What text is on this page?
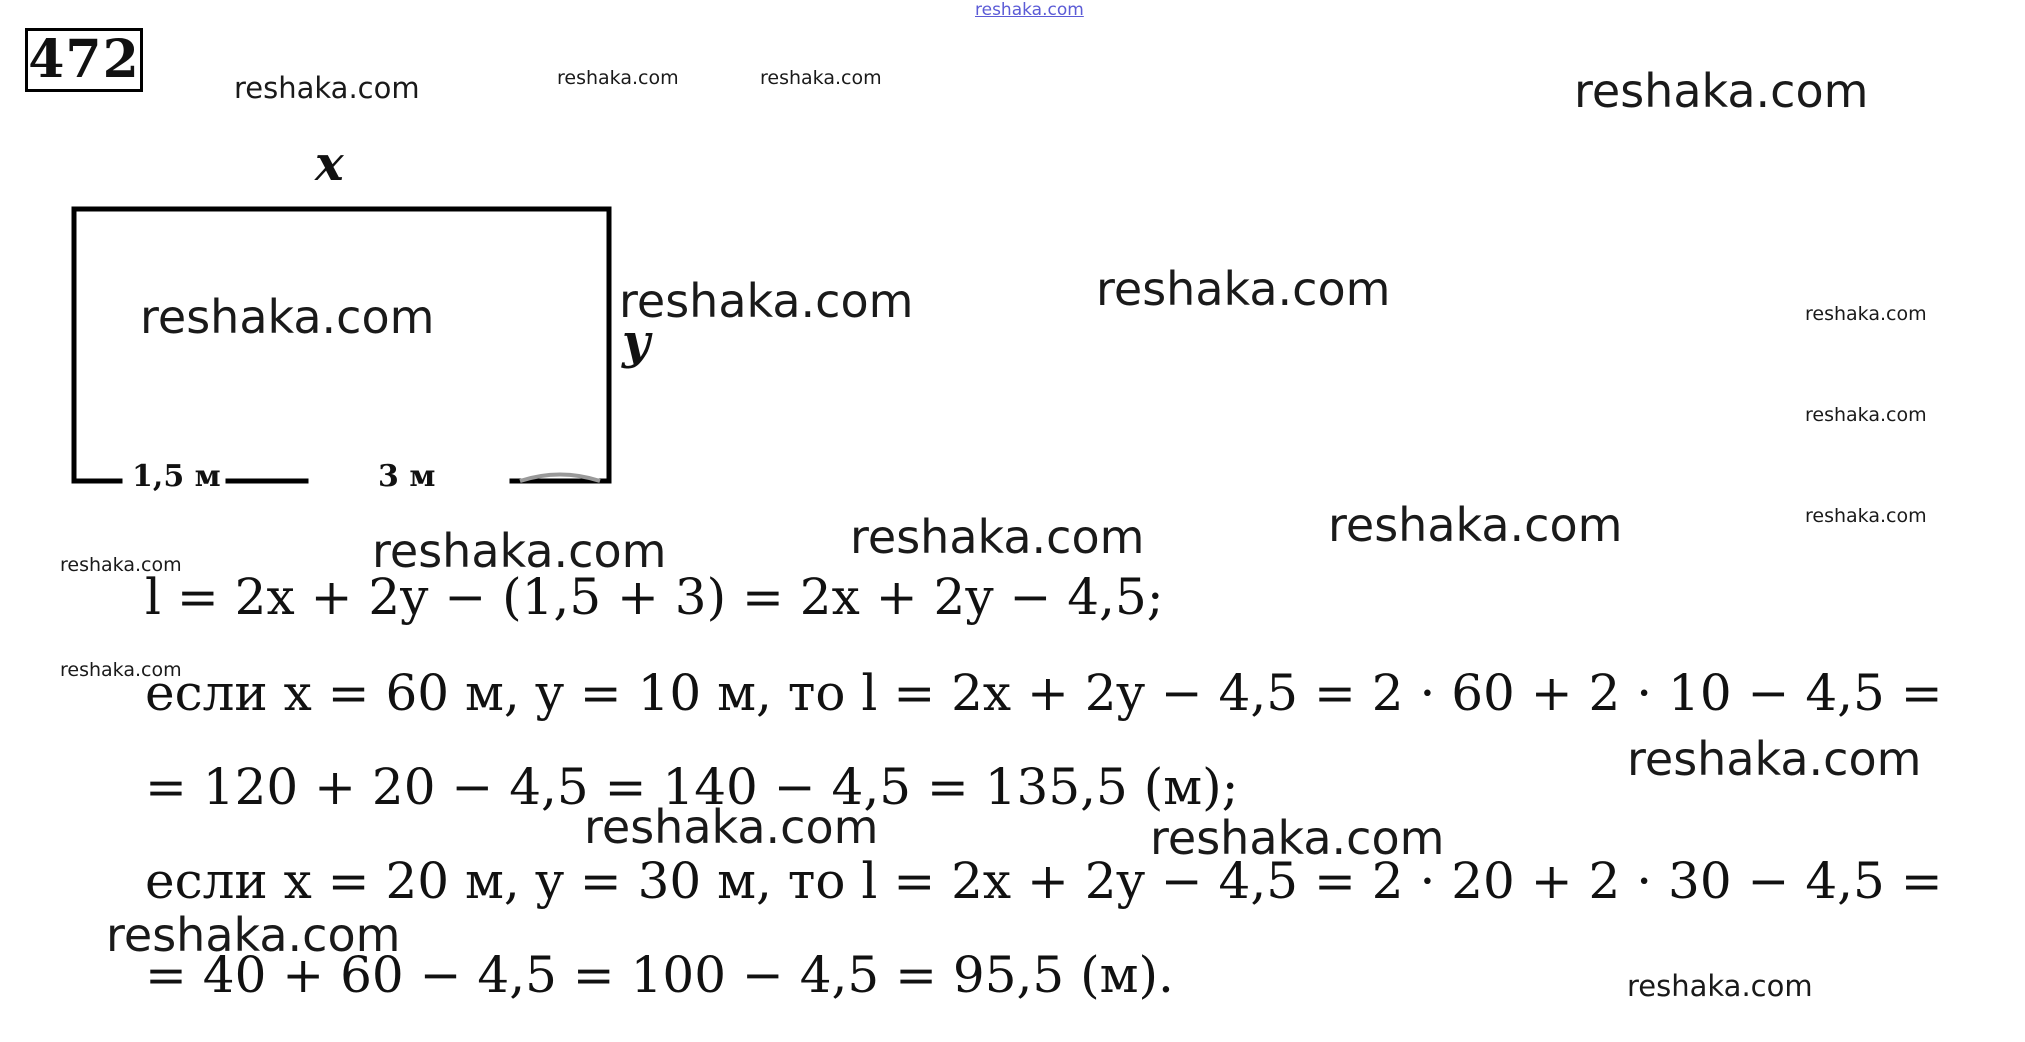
472
x
y
1,5 м	3 м
l = 2x + 2y − (1,5 + 3) = 2x + 2y − 4,5;
если x = 60 м, y = 10 м, то l = 2x + 2y − 4,5 = 2 · 60 + 2 · 10 − 4,5 =
= 120 + 20 − 4,5 = 140 − 4,5 = 135,5 (м);
если x = 20 м, y = 30 м, то l = 2x + 2y − 4,5 = 2 · 20 + 2 · 30 − 4,5 =
= 40 + 60 − 4,5 = 100 − 4,5 = 95,5 (м).
reshaka.com
reshaka.com	reshaka.com	reshaka.com	reshaka.com
reshaka.com	reshaka.com	reshaka.com	reshaka.com
reshaka.com
reshaka.com
reshaka.com	reshaka.com	reshaka.com
reshaka.com
reshaka.com
reshaka.com
reshaka.com	reshaka.com
reshaka.com
reshaka.com
